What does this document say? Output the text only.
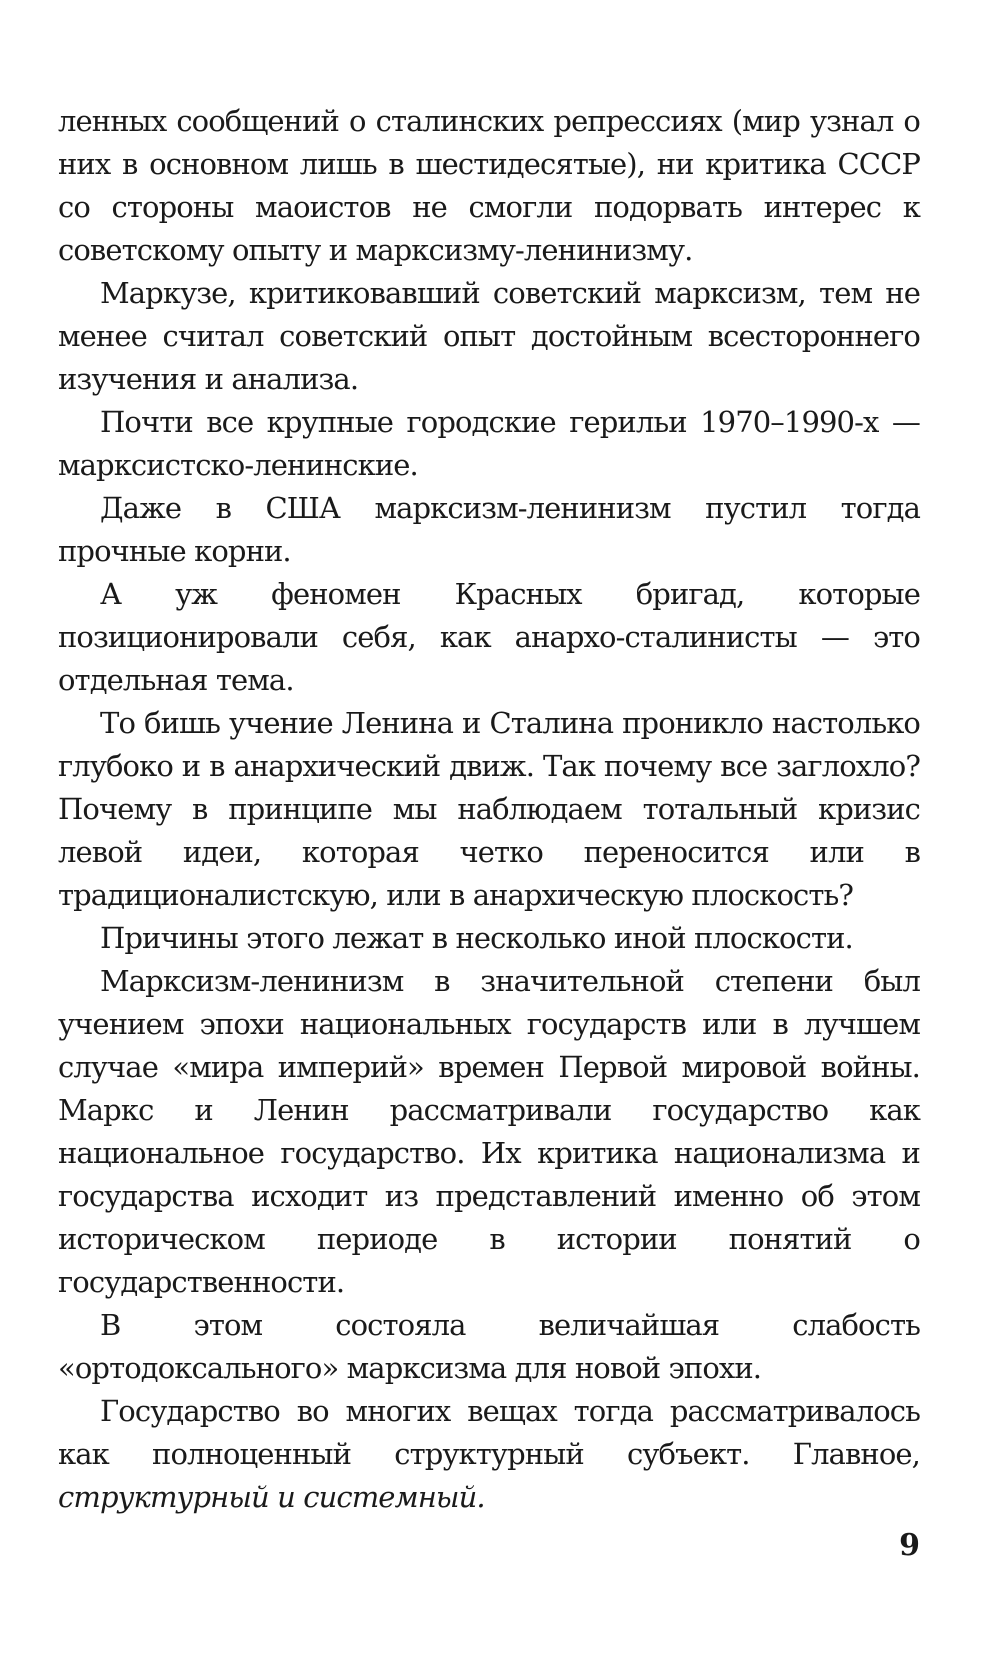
ленных сообщений о сталинских репрессиях (мир узнал о них в основном лишь в шестидесятые), ни критика СССР со стороны маоистов не смогли подорвать интерес к советскому опыту и марксизму-ленинизму.

Маркузе, критиковавший советский марксизм, тем не менее считал советский опыт достойным всестороннего изучения и анализа.

Почти все крупные городские герильи 1970–1990-х — марксистско-ленинские.

Даже в США марксизм-ленинизм пустил тогда прочные корни.

А уж феномен Красных бригад, которые позиционировали себя, как анархо-сталинисты — это отдельная тема.

То бишь учение Ленина и Сталина проникло настолько глубоко и в анархический движ. Так почему все заглохло? Почему в принципе мы наблюдаем тотальный кризис левой идеи, которая четко переносится или в традиционалистскую, или в анархическую плоскость?

Причины этого лежат в несколько иной плоскости.

Марксизм-ленинизм в значительной степени был учением эпохи национальных государств или в лучшем случае «мира империй» времен Первой мировой войны. Маркс и Ленин рассматривали государство как национальное государство. Их критика национализма и государства исходит из представлений именно об этом историческом периоде в истории понятий о государственности.

В этом состояла величайшая слабость «ортодоксального» марксизма для новой эпохи.

Государство во многих вещах тогда рассматривалось как полноценный структурный субъект. Главное, структурный и системный.

9
